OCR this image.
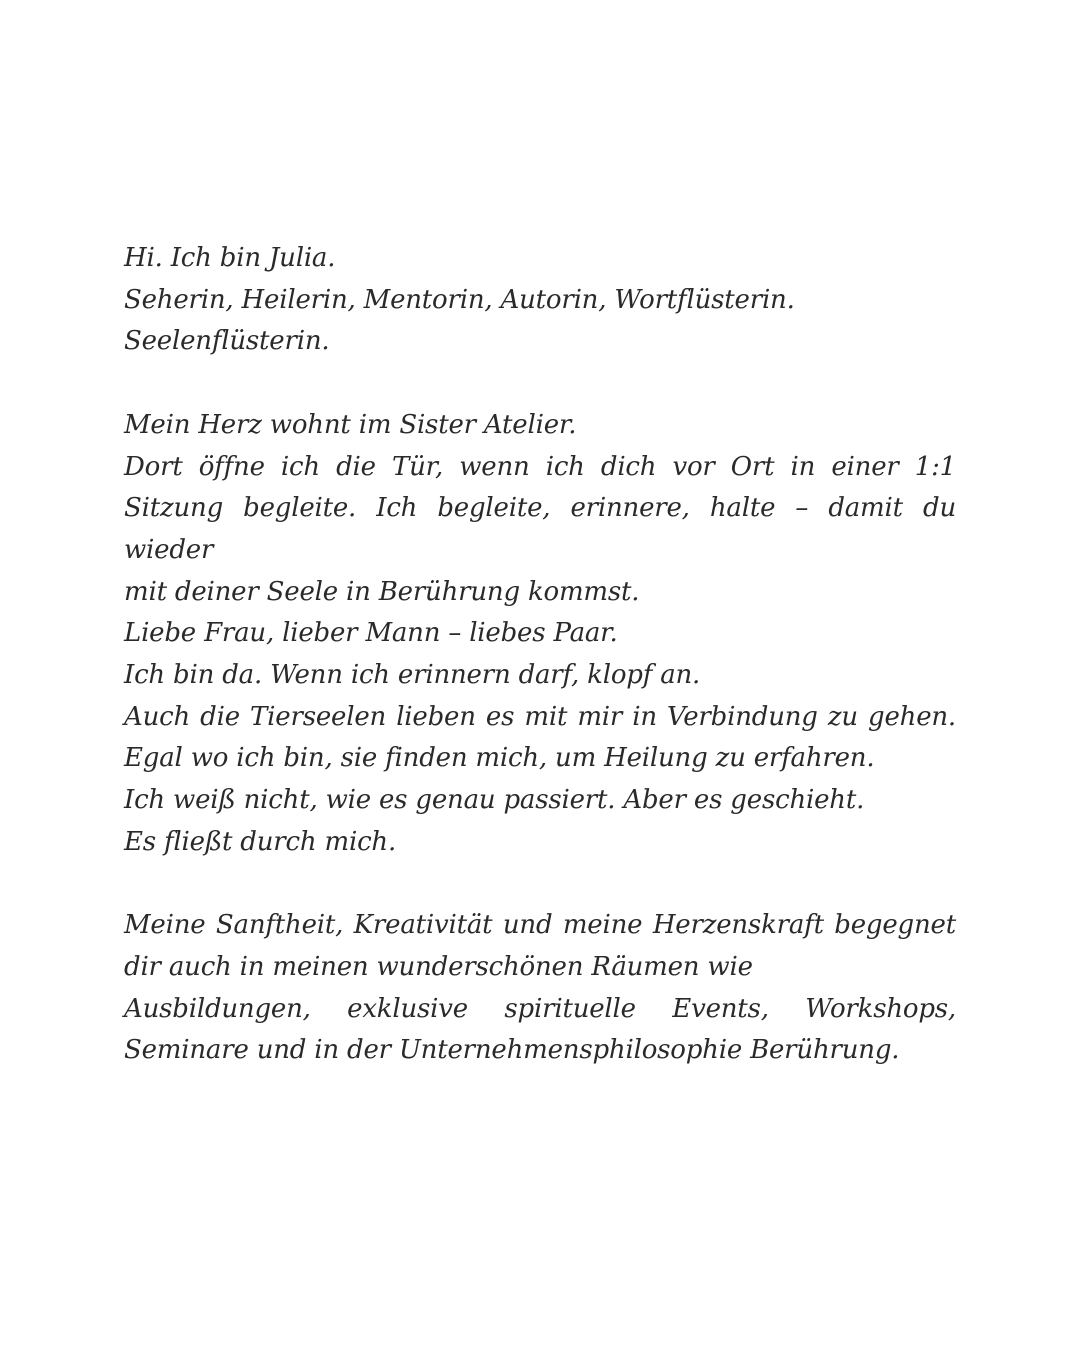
Hi. Ich bin Julia.
Seherin, Heilerin, Mentorin, Autorin, Wortflüsterin.
Seelenflüsterin.
Mein Herz wohnt im Sister Atelier.
Dort öffne ich die Tür, wenn ich dich vor Ort in einer 1:1
Sitzung begleite. Ich begleite, erinnere, halte – damit du wieder
mit deiner Seele in Berührung kommst.
Liebe Frau, lieber Mann – liebes Paar.
Ich bin da. Wenn ich erinnern darf, klopf an.
Auch die Tierseelen lieben es mit mir in Verbindung zu gehen.
Egal wo ich bin, sie finden mich, um Heilung zu erfahren.
Ich weiß nicht, wie es genau passiert. Aber es geschieht.
Es fließt durch mich.
Meine Sanftheit, Kreativität und meine Herzenskraft begegnet
dir auch in meinen wunderschönen Räumen wie
Ausbildungen, exklusive spirituelle Events, Workshops,
Seminare und in der Unternehmensphilosophie Berührung.
